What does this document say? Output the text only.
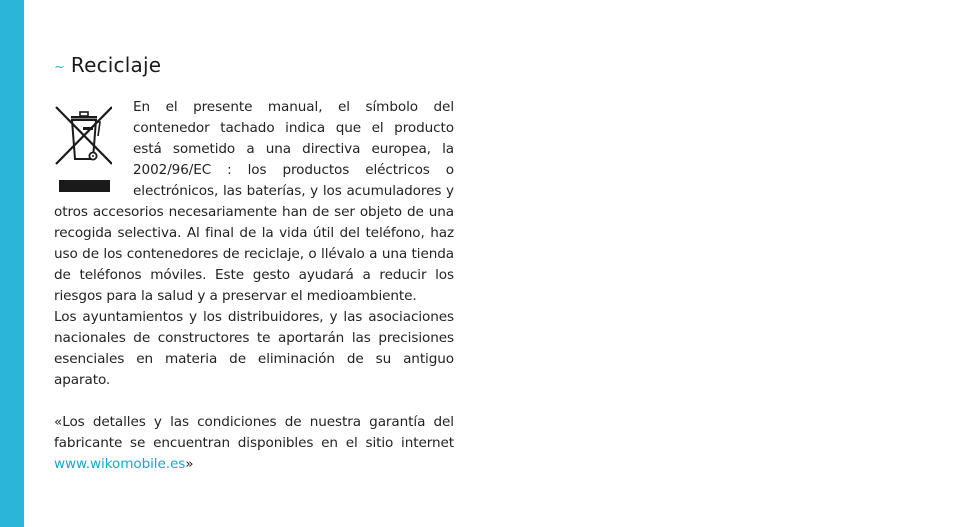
~ Reciclaje

En el presente manual, el símbolo del contenedor tachado indica que el producto está sometido a una directiva europea, la 2002/96/EC : los productos eléctricos o electrónicos, las baterías, y los acumuladores y otros accesorios necesariamente han de ser objeto de una recogida selectiva. Al final de la vida útil del teléfono, haz uso de los contenedores de reciclaje, o llévalo a una tienda de teléfonos móviles. Este gesto ayudará a reducir los riesgos para la salud y a preservar el medioambiente.

Los ayuntamientos y los distribuidores, y las asociaciones nacionales de constructores te aportarán las precisiones esenciales en materia de eliminación de su antiguo aparato.

«Los detalles y las condiciones de nuestra garantía del fabricante se encuentran disponibles en el sitio internet www.wikomobile.es»
